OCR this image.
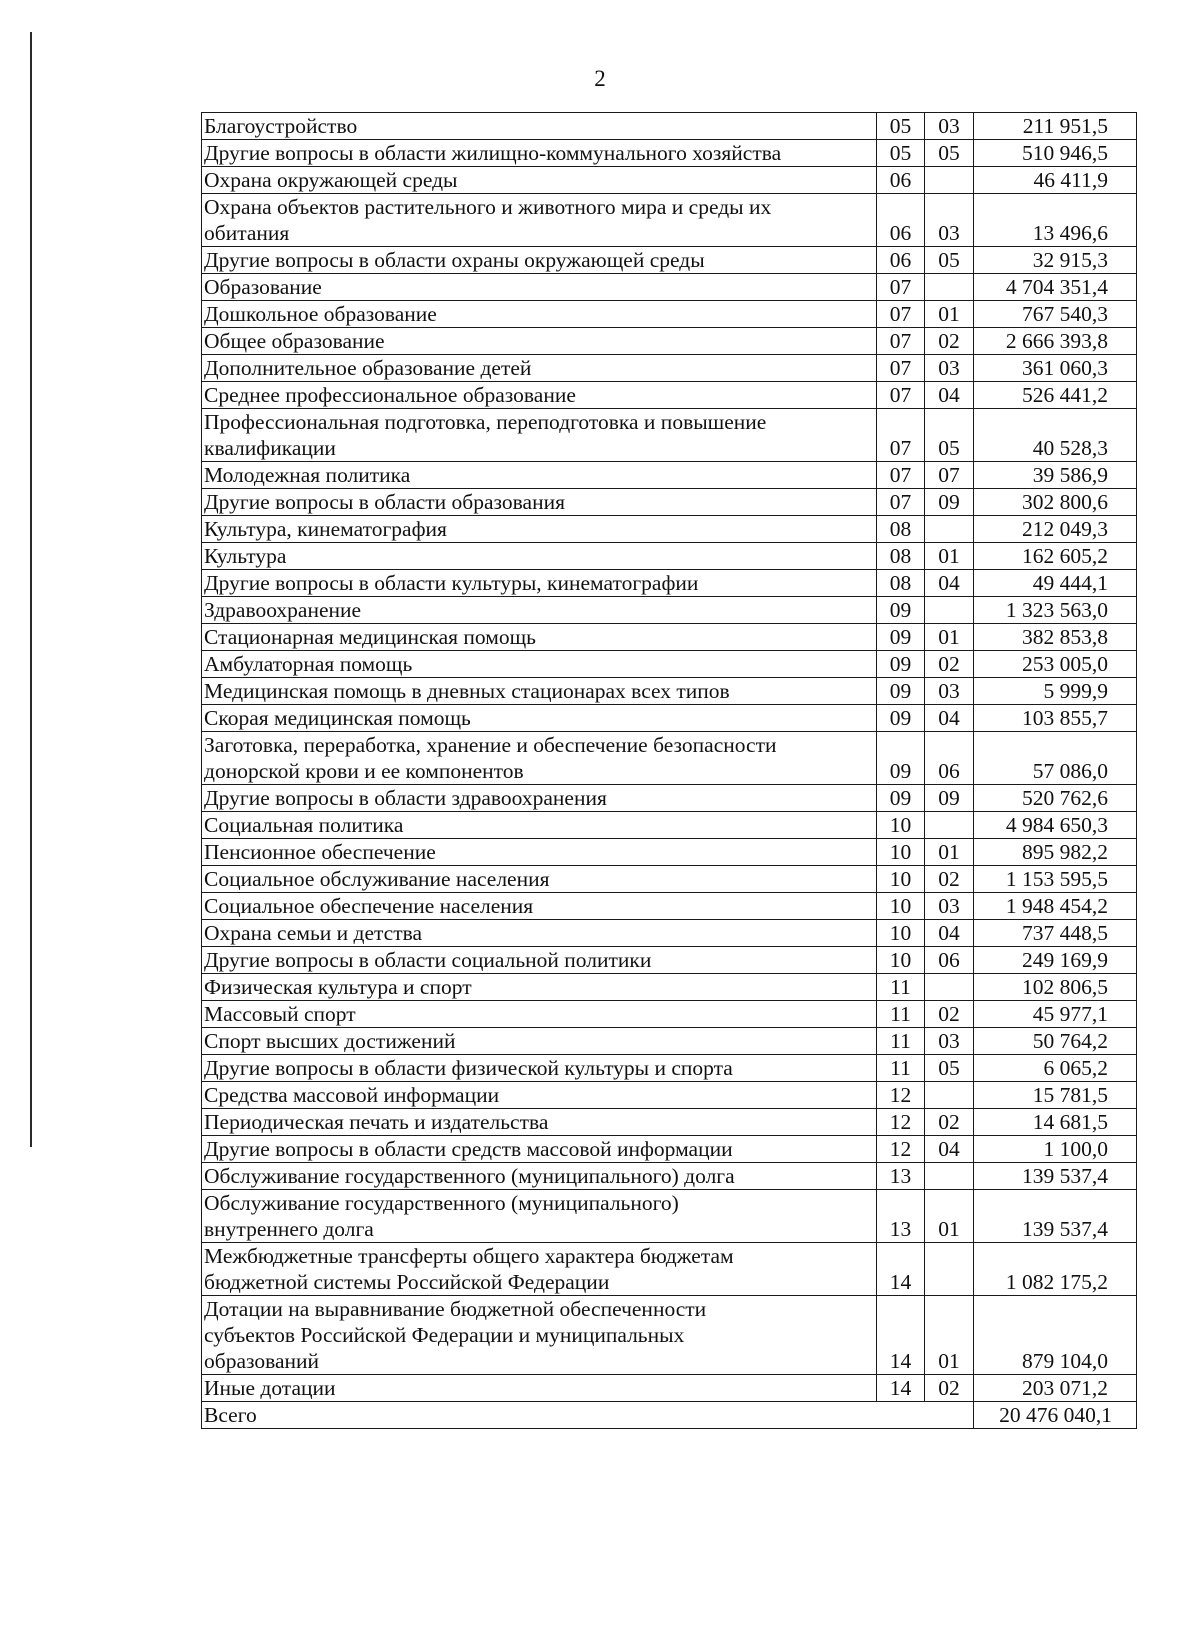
2
Благоустройство	05	03	211 951,5
Другие вопросы в области жилищно-коммунального хозяйства	05	05	510 946,5
Охрана окружающей среды	06		46 411,9
Охрана объектов растительного и животного мира и среды их
обитания	06	03	13 496,6
Другие вопросы в области охраны окружающей среды	06	05	32 915,3
Образование	07		4 704 351,4
Дошкольное образование	07	01	767 540,3
Общее образование	07	02	2 666 393,8
Дополнительное образование детей	07	03	361 060,3
Среднее профессиональное образование	07	04	526 441,2
Профессиональная подготовка, переподготовка и повышение
квалификации	07	05	40 528,3
Молодежная политика	07	07	39 586,9
Другие вопросы в области образования	07	09	302 800,6
Культура, кинематография	08		212 049,3
Культура	08	01	162 605,2
Другие вопросы в области культуры, кинематографии	08	04	49 444,1
Здравоохранение	09		1 323 563,0
Стационарная медицинская помощь	09	01	382 853,8
Амбулаторная помощь	09	02	253 005,0
Медицинская помощь в дневных стационарах всех типов	09	03	5 999,9
Скорая медицинская помощь	09	04	103 855,7
Заготовка, переработка, хранение и обеспечение безопасности
донорской крови и ее компонентов	09	06	57 086,0
Другие вопросы в области здравоохранения	09	09	520 762,6
Социальная политика	10		4 984 650,3
Пенсионное обеспечение	10	01	895 982,2
Социальное обслуживание населения	10	02	1 153 595,5
Социальное обеспечение населения	10	03	1 948 454,2
Охрана семьи и детства	10	04	737 448,5
Другие вопросы в области социальной политики	10	06	249 169,9
Физическая культура и спорт	11		102 806,5
Массовый спорт	11	02	45 977,1
Спорт высших достижений	11	03	50 764,2
Другие вопросы в области физической культуры и спорта	11	05	6 065,2
Средства массовой информации	12		15 781,5
Периодическая печать и издательства	12	02	14 681,5
Другие вопросы в области средств массовой информации	12	04	1 100,0
Обслуживание государственного (муниципального) долга	13		139 537,4
Обслуживание государственного (муниципального)
внутреннего долга	13	01	139 537,4
Межбюджетные трансферты общего характера бюджетам
бюджетной системы Российской Федерации	14		1 082 175,2
Дотации на выравнивание бюджетной обеспеченности
субъектов Российской Федерации и муниципальных
образований	14	01	879 104,0
Иные дотации	14	02	203 071,2
Всего			20 476 040,1
